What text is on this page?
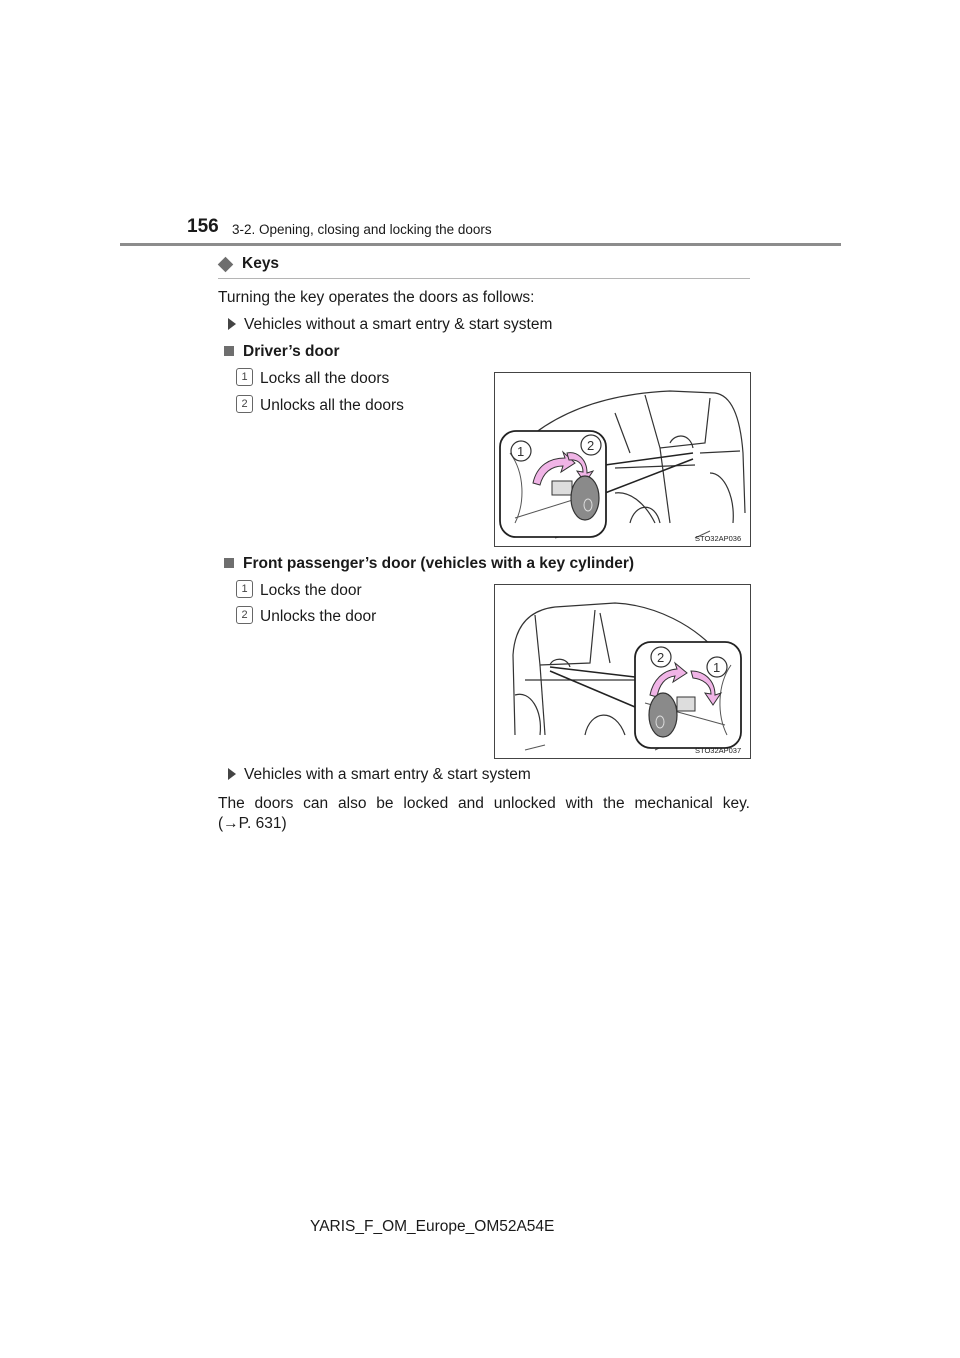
156 3-2. Opening, closing and locking the doors
Keys
Turning the key operates the doors as follows:
Vehicles without a smart entry & start system
Driver’s door
1 Locks all the doors
2 Unlocks all the doors
1	2
STO32AP036
Front passenger’s door (vehicles with a key cylinder)
1 Locks the door
2 Unlocks the door
2
1
STO32AP037
Vehicles with a smart entry & start system
The doors can also be locked and unlocked with the mechanical key.
(→P. 631)
YARIS_F_OM_Europe_OM52A54E
